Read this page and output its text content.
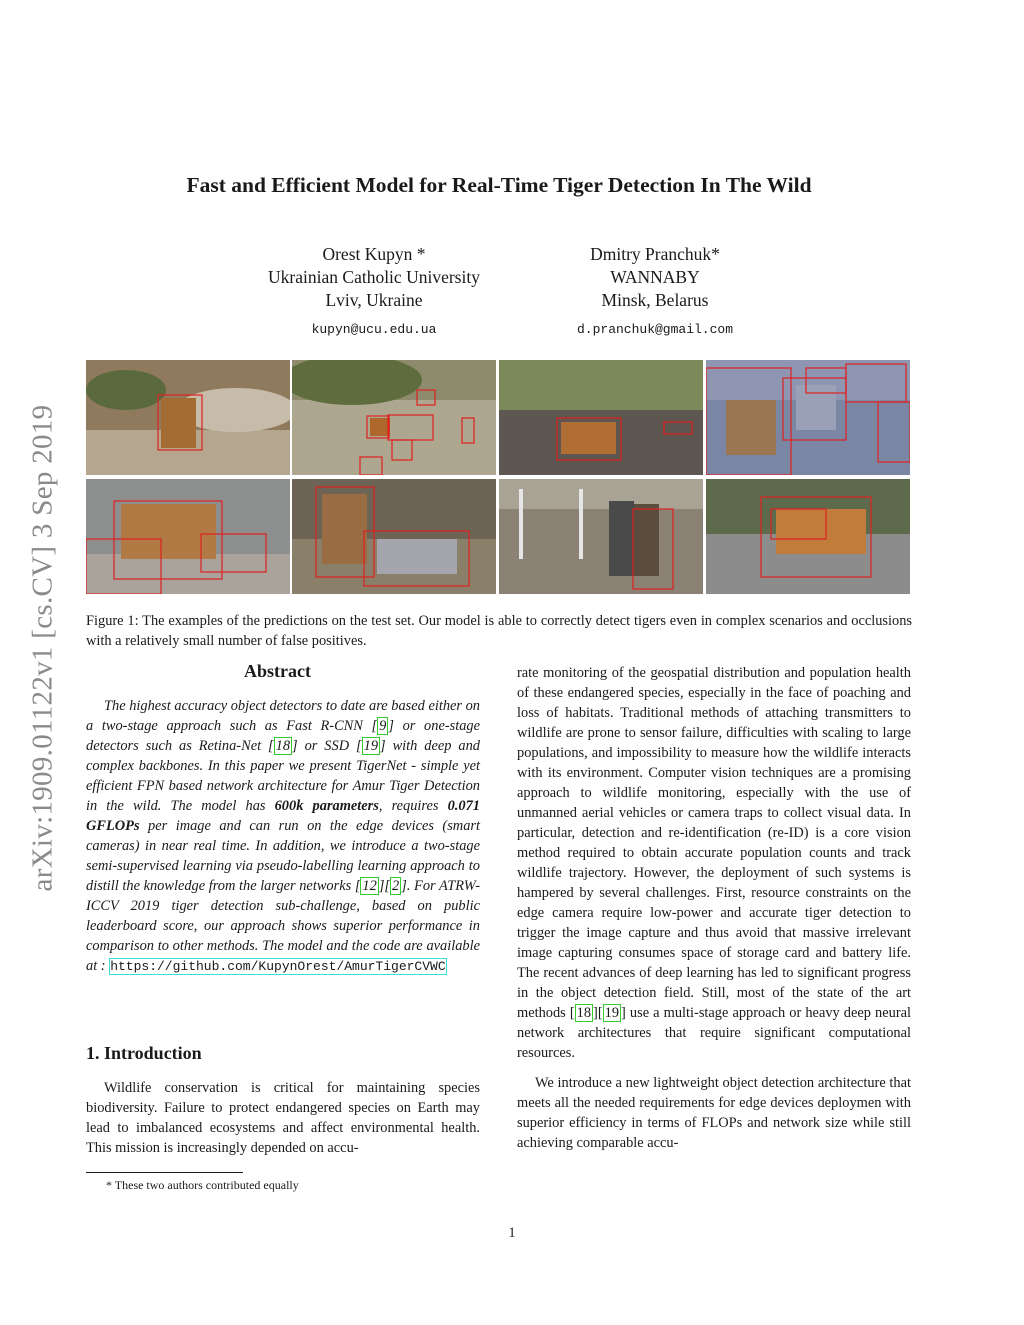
arXiv:1909.01122v1 [cs.CV] 3 Sep 2019
Fast and Efficient Model for Real-Time Tiger Detection In The Wild
Orest Kupyn *
Ukrainian Catholic University
Lviv, Ukraine
kupyn@ucu.edu.ua
Dmitry Pranchuk*
WANNABY
Minsk, Belarus
d.pranchuk@gmail.com
Figure 1: The examples of the predictions on the test set. Our model is able to correctly detect tigers even in complex scenarios and occlusions with a relatively small number of false positives.
Abstract

The highest accuracy object detectors to date are based either on a two-stage approach such as Fast R-CNN [ 9 ] or one-stage detectors such as Retina-Net [ 18 ] or SSD [ 19 ] with deep and complex backbones. In this paper we present TigerNet - simple yet efficient FPN based network architecture for Amur Tiger Detection in the wild. The model has 600k parameters, requires 0.071 GFLOPs per image and can run on the edge devices (smart cameras) in near real time. In addition, we introduce a two-stage semi-supervised learning via pseudo-labelling learning approach to distill the knowledge from the larger networks [ 12 ][ 2 ]. For ATRW-ICCV 2019 tiger detection sub-challenge, based on public leaderboard score, our approach shows superior performance in comparison to other methods. The model and the code are available at : https://github.com/KupynOrest/AmurTigerCVWC

1. Introduction

Wildlife conservation is critical for maintaining species biodiversity. Failure to protect endangered species on Earth may lead to imbalanced ecosystems and affect environmental health. This mission is increasingly depended on accu-

* These two authors contributed equally

rate monitoring of the geospatial distribution and population health of these endangered species, especially in the face of poaching and loss of habitats. Traditional methods of attaching transmitters to wildlife are prone to sensor failure, difficulties with scaling to large populations, and impossibility to measure how the wildlife interacts with its environment. Computer vision techniques are a promising approach to wildlife monitoring, especially with the use of unmanned aerial vehicles or camera traps to collect visual data. In particular, detection and re-identification (re-ID) is a core vision method required to obtain accurate population counts and track wildlife trajectory. However, the deployment of such systems is hampered by several challenges. First, resource constraints on the edge camera require low-power and accurate tiger detection to trigger the image capture and thus avoid that massive irrelevant image capturing consumes space of storage card and battery life. The recent advances of deep learning has led to significant progress in the object detection field. Still, most of the state of the art methods [ 18 ][ 19 ] use a multi-stage approach or heavy deep neural network architectures that require significant computational resources.

We introduce a new lightweight object detection architecture that meets all the needed requirements for edge devices deploymen with superior efficiency in terms of FLOPs and network size while still achieving comparable accu-

1
